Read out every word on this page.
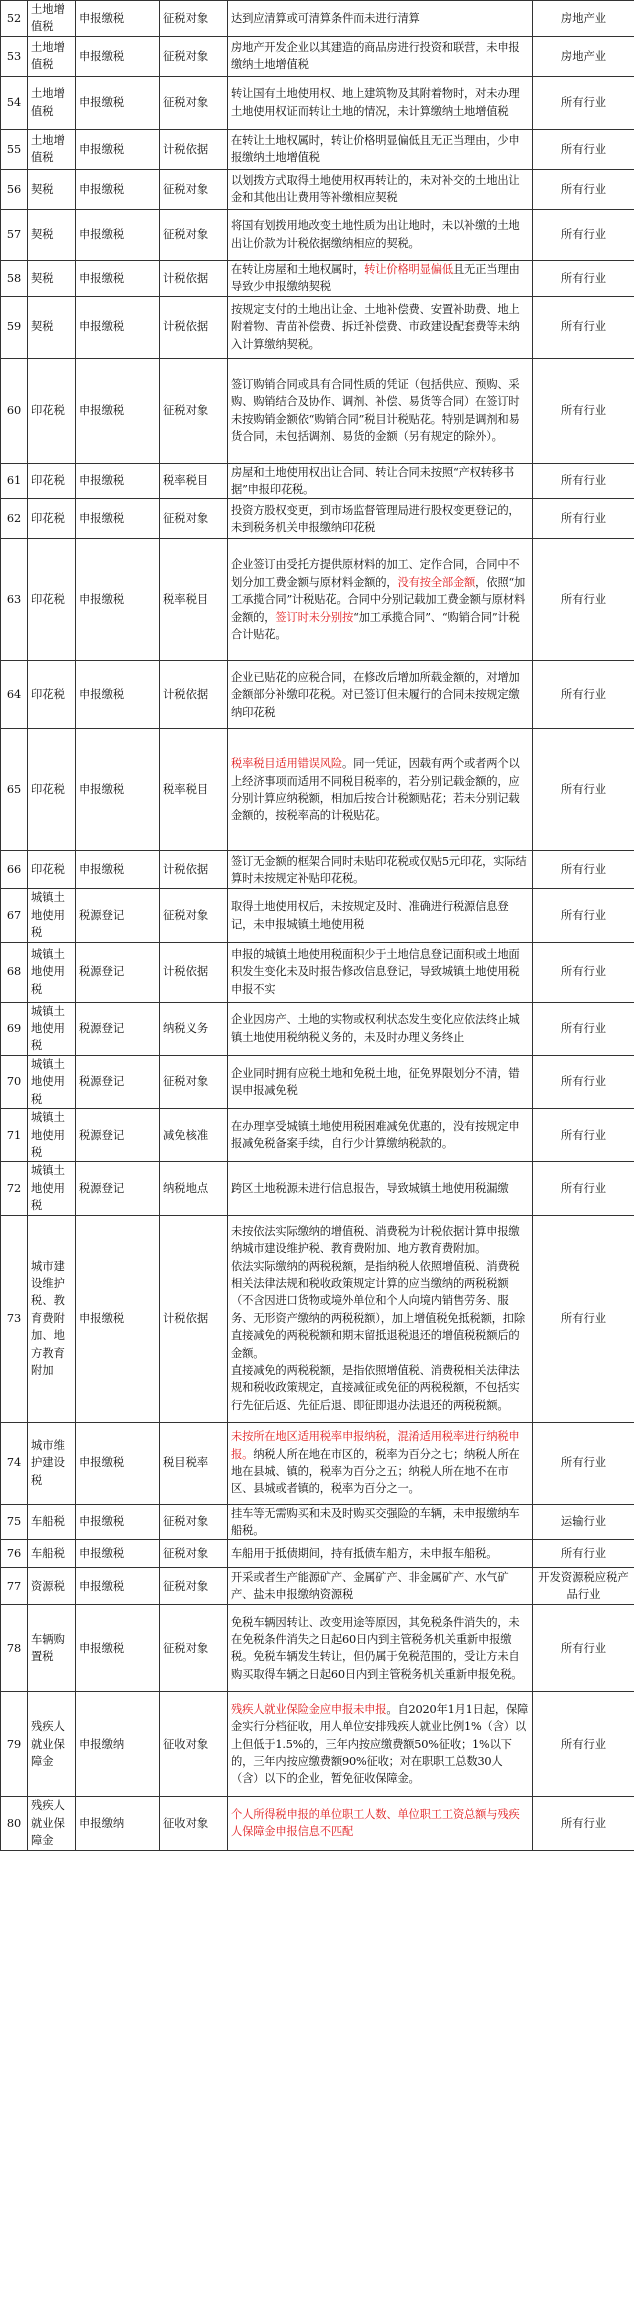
52	土地增值税	申报缴税	征税对象	达到应清算或可清算条件而未进行清算	房地产业
53	土地增值税	申报缴税	征税对象	房地产开发企业以其建造的商品房进行投资和联营，未申报缴纳土地增值税	房地产业
54	土地增值税	申报缴税	征税对象	转让国有土地使用权、地上建筑物及其附着物时，对未办理土地使用权证而转让土地的情况，未计算缴纳土地增值税	所有行业
55	土地增值税	申报缴税	计税依据	在转让土地权属时，转让价格明显偏低且无正当理由，少申报缴纳土地增值税	所有行业
56	契税	申报缴税	征税对象	以划拨方式取得土地使用权再转让的，未对补交的土地出让金和其他出让费用等补缴相应契税	所有行业
57	契税	申报缴税	征税对象	将国有划拨用地改变土地性质为出让地时，未以补缴的土地出让价款为计税依据缴纳相应的契税。	所有行业
58	契税	申报缴税	计税依据	在转让房屋和土地权属时，转让价格明显偏低且无正当理由导致少申报缴纳契税	所有行业
59	契税	申报缴税	计税依据	按规定支付的土地出让金、土地补偿费、安置补助费、地上附着物、青苗补偿费、拆迁补偿费、市政建设配套费等未纳入计算缴纳契税。	所有行业
60	印花税	申报缴税	征税对象	签订购销合同或具有合同性质的凭证（包括供应、预购、采购、购销结合及协作、调剂、补偿、易货等合同）在签订时未按购销金额依“购销合同”税目计税贴花。特别是调剂和易货合同，未包括调剂、易货的金额（另有规定的除外）。	所有行业
61	印花税	申报缴税	税率税目	房屋和土地使用权出让合同、转让合同未按照“产权转移书据”申报印花税。	所有行业
62	印花税	申报缴税	征税对象	投资方股权变更，到市场监督管理局进行股权变更登记的，未到税务机关申报缴纳印花税	所有行业
63	印花税	申报缴税	税率税目	企业签订由受托方提供原材料的加工、定作合同，合同中不划分加工费金额与原材料金额的，没有按全部金额，依照“加工承揽合同”计税贴花。合同中分别记载加工费金额与原材料金额的，签订时未分别按“加工承揽合同”、“购销合同”计税合计贴花。	所有行业
64	印花税	申报缴税	计税依据	企业已贴花的应税合同，在修改后增加所载金额的，对增加金额部分补缴印花税。对已签订但未履行的合同未按规定缴纳印花税	所有行业
65	印花税	申报缴税	税率税目	税率税目适用错误风险。同一凭证，因载有两个或者两个以上经济事项而适用不同税目税率的，若分别记载金额的，应分别计算应纳税额，相加后按合计税额贴花；若未分别记载金额的，按税率高的计税贴花。	所有行业
66	印花税	申报缴税	计税依据	签订无金额的框架合同时未贴印花税或仅贴5元印花，实际结算时未按规定补贴印花税。	所有行业
67	城镇土地使用税	税源登记	征税对象	取得土地使用权后，未按规定及时、准确进行税源信息登记，未申报城镇土地使用税	所有行业
68	城镇土地使用税	税源登记	计税依据	申报的城镇土地使用税面积少于土地信息登记面积或土地面积发生变化未及时报告修改信息登记，导致城镇土地使用税申报不实	所有行业
69	城镇土地使用税	税源登记	纳税义务	企业因房产、土地的实物或权利状态发生变化应依法终止城镇土地使用税纳税义务的，未及时办理义务终止	所有行业
70	城镇土地使用税	税源登记	征税对象	企业同时拥有应税土地和免税土地，征免界限划分不清，错误申报减免税	所有行业
71	城镇土地使用税	税源登记	减免核准	在办理享受城镇土地使用税困难减免优惠的，没有按规定申报减免税备案手续，自行少计算缴纳税款的。	所有行业
72	城镇土地使用税	税源登记	纳税地点	跨区土地税源未进行信息报告，导致城镇土地使用税漏缴	所有行业
73	城市建设维护税、教育费附加、地方教育附加	申报缴税	计税依据	未按依法实际缴纳的增值税、消费税为计税依据计算申报缴纳城市建设维护税、教育费附加、地方教育费附加。
依法实际缴纳的两税税额，是指纳税人依照增值税、消费税相关法律法规和税收政策规定计算的应当缴纳的两税税额（不含因进口货物或境外单位和个人向境内销售劳务、服务、无形资产缴纳的两税税额），加上增值税免抵税额，扣除直接减免的两税税额和期末留抵退税退还的增值税税额后的金额。
直接减免的两税税额，是指依照增值税、消费税相关法律法规和税收政策规定，直接减征或免征的两税税额，不包括实行先征后返、先征后退、即征即退办法退还的两税税额。	所有行业
74	城市维护建设税	申报缴税	税目税率	未按所在地区适用税率申报纳税，混淆适用税率进行纳税申报。纳税人所在地在市区的，税率为百分之七；纳税人所在地在县城、镇的，税率为百分之五；纳税人所在地不在市区、县城或者镇的，税率为百分之一。	所有行业
75	车船税	申报缴税	征税对象	挂车等无需购买和未及时购买交强险的车辆，未申报缴纳车船税。	运输行业
76	车船税	申报缴税	征税对象	车船用于抵债期间，持有抵债车船方，未申报车船税。	所有行业
77	资源税	申报缴税	征税对象	开采或者生产能源矿产、金属矿产、非金属矿产、水气矿产、盐未申报缴纳资源税	开发资源税应税产品行业
78	车辆购置税	申报缴税	征税对象	免税车辆因转让、改变用途等原因，其免税条件消失的，未在免税条件消失之日起60日内到主管税务机关重新申报缴税。免税车辆发生转让，但仍属于免税范围的，受让方未自购买取得车辆之日起60日内到主管税务机关重新申报免税。	所有行业
79	残疾人就业保障金	申报缴纳	征收对象	残疾人就业保险金应申报未申报。自2020年1月1日起，保障金实行分档征收，用人单位安排残疾人就业比例1%（含）以上但低于1.5%的，三年内按应缴费额50%征收；1%以下的，三年内按应缴费额90%征收；对在职职工总数30人（含）以下的企业，暂免征收保障金。	所有行业
80	残疾人就业保障金	申报缴纳	征收对象	个人所得税申报的单位职工人数、单位职工工资总额与残疾人保障金申报信息不匹配	所有行业
